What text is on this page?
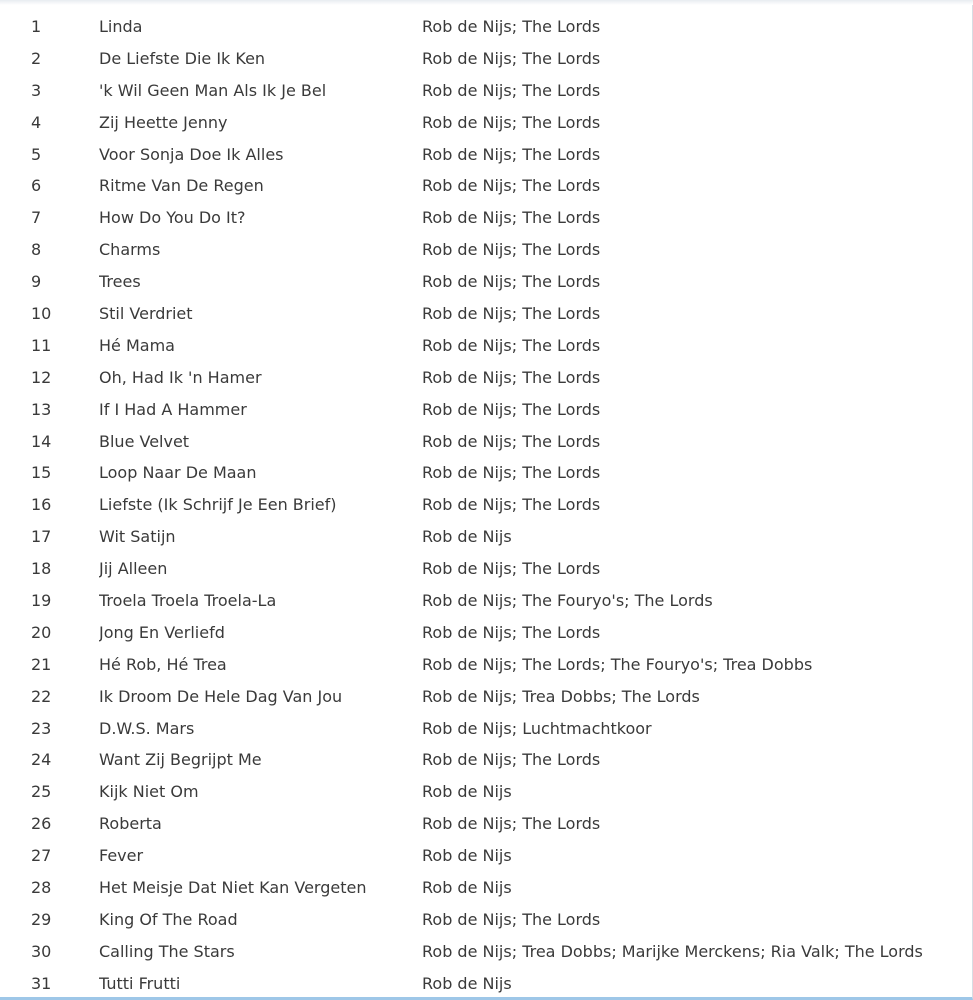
1	Linda	Rob de Nijs; The Lords
2	De Liefste Die Ik Ken	Rob de Nijs; The Lords
3	'k Wil Geen Man Als Ik Je Bel	Rob de Nijs; The Lords
4	Zij Heette Jenny	Rob de Nijs; The Lords
5	Voor Sonja Doe Ik Alles	Rob de Nijs; The Lords
6	Ritme Van De Regen	Rob de Nijs; The Lords
7	How Do You Do It?	Rob de Nijs; The Lords
8	Charms	Rob de Nijs; The Lords
9	Trees	Rob de Nijs; The Lords
10	Stil Verdriet	Rob de Nijs; The Lords
11	Hé Mama	Rob de Nijs; The Lords
12	Oh, Had Ik 'n Hamer	Rob de Nijs; The Lords
13	If I Had A Hammer	Rob de Nijs; The Lords
14	Blue Velvet	Rob de Nijs; The Lords
15	Loop Naar De Maan	Rob de Nijs; The Lords
16	Liefste (Ik Schrijf Je Een Brief)	Rob de Nijs; The Lords
17	Wit Satijn	Rob de Nijs
18	Jij Alleen	Rob de Nijs; The Lords
19	Troela Troela Troela-La	Rob de Nijs; The Fouryo's; The Lords
20	Jong En Verliefd	Rob de Nijs; The Lords
21	Hé Rob, Hé Trea	Rob de Nijs; The Lords; The Fouryo's; Trea Dobbs
22	Ik Droom De Hele Dag Van Jou	Rob de Nijs; Trea Dobbs; The Lords
23	D.W.S. Mars	Rob de Nijs; Luchtmachtkoor
24	Want Zij Begrijpt Me	Rob de Nijs; The Lords
25	Kijk Niet Om	Rob de Nijs
26	Roberta	Rob de Nijs; The Lords
27	Fever	Rob de Nijs
28	Het Meisje Dat Niet Kan Vergeten	Rob de Nijs
29	King Of The Road	Rob de Nijs; The Lords
30	Calling The Stars	Rob de Nijs; Trea Dobbs; Marijke Merckens; Ria Valk; The Lords
31	Tutti Frutti	Rob de Nijs
